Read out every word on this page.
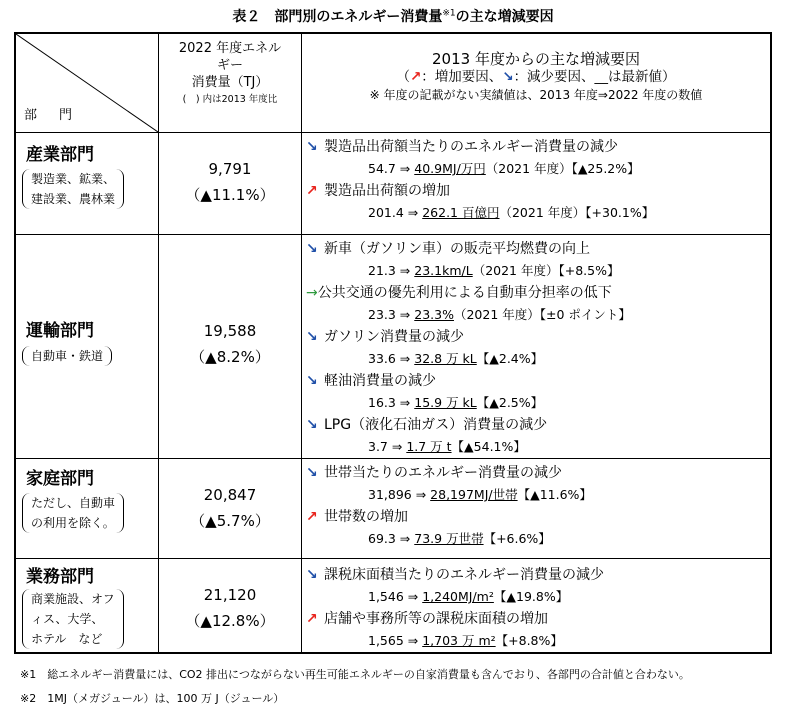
表２　部門別のエネルギー消費量$^{※1}$の主な増減要因
部門
2022 年度エネル
ギー
消費量（TJ）
(　) 内は2013 年度比
2013 年度からの主な増減要因
（↗：増加要因、↘：減少要因、__は最新値）
※ 年度の記載がない実績値は、2013 年度⇒2022 年度の数値
産業部門
製造業、鉱業、
建設業、農林業
9,791
（▲11.1%）
↘ 製造品出荷額当たりのエネルギー消費量の減少
54.7 ⇒ 40.9MJ/万円（2021 年度）【▲25.2%】
↗ 製造品出荷額の増加
201.4 ⇒ 262.1 百億円（2021 年度）【+30.1%】
運輸部門
自動車・鉄道
19,588
（▲8.2%）
↘ 新車（ガソリン車）の販売平均燃費の向上
21.3 ⇒ 23.1km/L（2021 年度）【+8.5%】
→公共交通の優先利用による自動車分担率の低下
23.3 ⇒ 23.3%（2021 年度）【±0 ポイント】
↘ ガソリン消費量の減少
33.6 ⇒ 32.8 万 kL【▲2.4%】
↘ 軽油消費量の減少
16.3 ⇒ 15.9 万 kL【▲2.5%】
↘ LPG（液化石油ガス）消費量の減少
3.7 ⇒ 1.7 万 t【▲54.1%】
家庭部門
ただし、自動車
の利用を除く。
20,847
（▲5.7%）
↘ 世帯当たりのエネルギー消費量の減少
31,896 ⇒ 28,197MJ/世帯【▲11.6%】
↗ 世帯数の増加
69.3 ⇒ 73.9 万世帯【+6.6%】
業務部門
商業施設、オフ
ィス、大学、
ホテル　など
21,120
（▲12.8%）
↘ 課税床面積当たりのエネルギー消費量の減少
1,546 ⇒ 1,240MJ/m²【▲19.8%】
↗ 店舗や事務所等の課税床面積の増加
1,565 ⇒ 1,703 万 m²【+8.8%】
※1　総エネルギー消費量には、CO2 排出につながらない再生可能エネルギーの自家消費量も含んでおり、各部門の合計値と合わない。
※2　1MJ（メガジュール）は、100 万 J（ジュール）
